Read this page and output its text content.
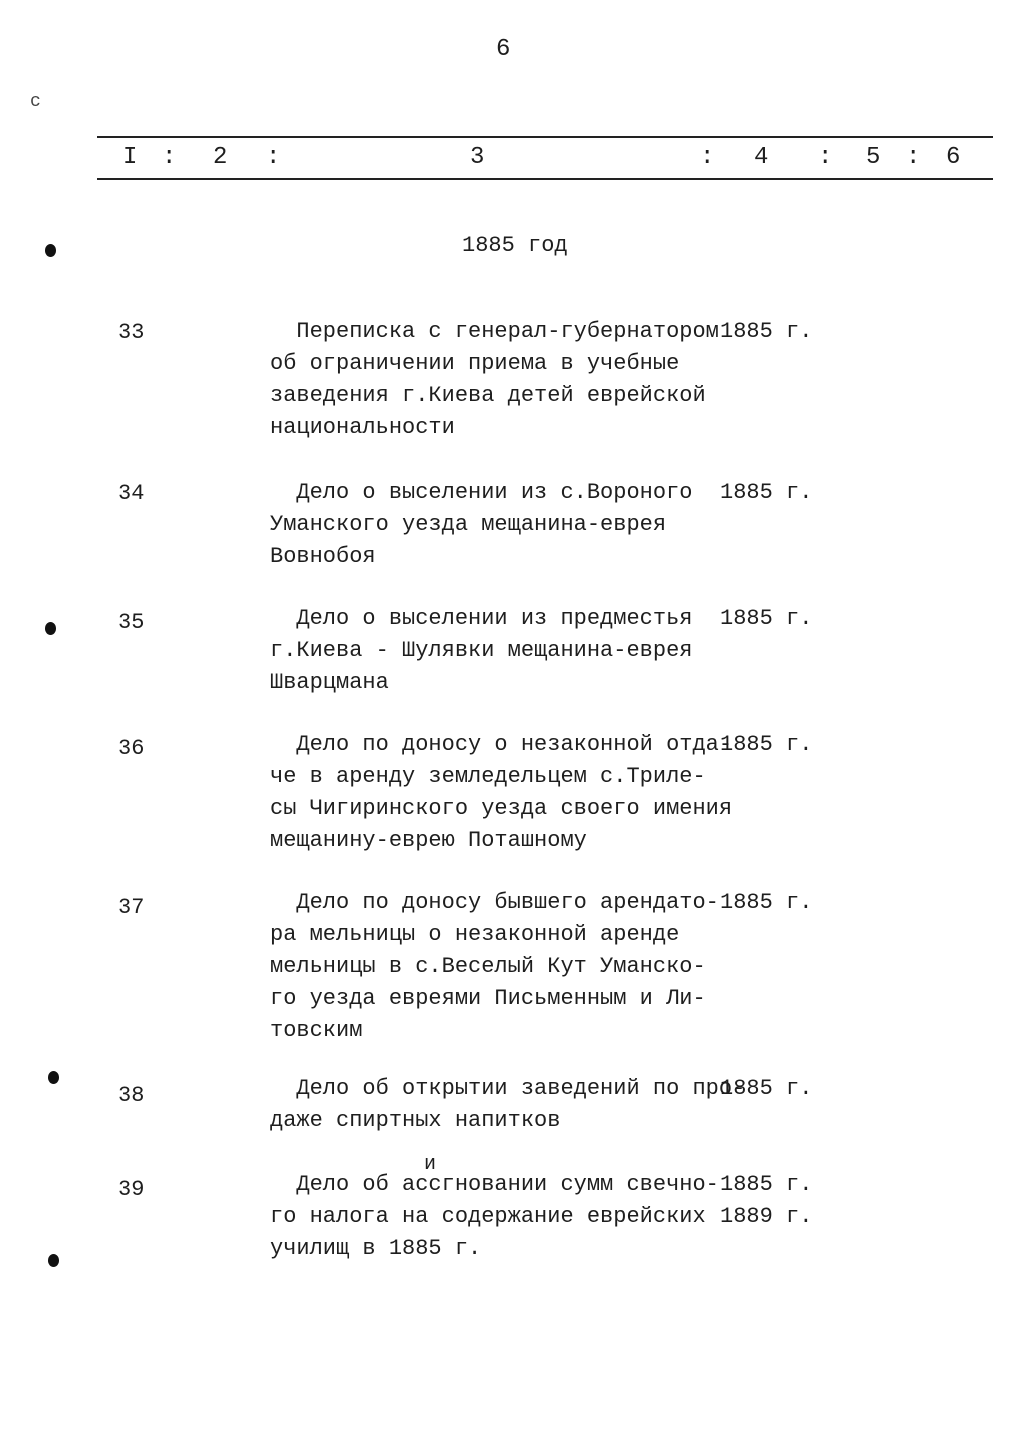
6
c
I : 2 :	3	: 4 : 5 : 6
1885 год
33	Переписка с генерал-губернатором
об ограничении приема в учебные
заведения г.Киева детей еврейской
национальности
1885 г.
34	Дело о выселении из с.Вороного
Уманского уезда мещанина-еврея
Вовнобоя
1885 г.
35	Дело о выселении из предместья
г.Киева - Шулявки мещанина-еврея
Шварцмана
1885 г.
36	Дело по доносу о незаконной отда-
че в аренду земледельцем с.Триле-
сы Чигиринского уезда своего имения
мещанину-еврею Поташному
1885 г.
37	Дело по доносу бывшего арендато-
ра мельницы о незаконной аренде
мельницы в с.Веселый Кут Уманско-
го уезда евреями Письменным и Ли-
товским
1885 г.
38	Дело об открытии заведений по про-
даже спиртных напитков
1885 г.
и
39	Дело об ассгновании сумм свечно-
го налога на содержание еврейских
училищ в 1885 г.
1885 г.
1889 г.
